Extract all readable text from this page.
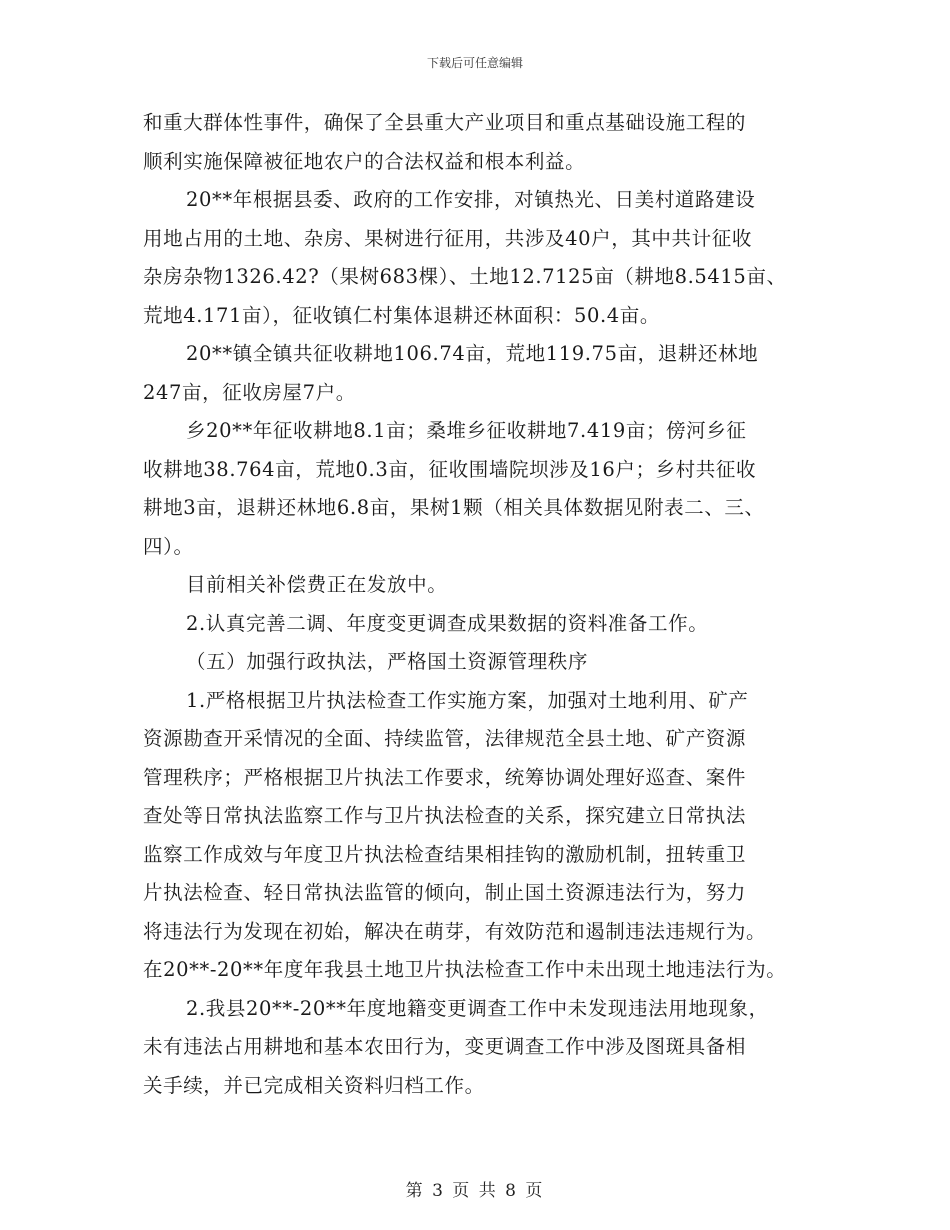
下载后可任意编辑
和重大群体性事件，确保了全县重大产业项目和重点基础设施工程的
顺利实施保障被征地农户的合法权益和根本利益。
20**年根据县委、政府的工作安排，对镇热光、日美村道路建设
用地占用的土地、杂房、果树进行征用，共涉及40户，其中共计征收
杂房杂物1326.42?（果树683棵）、土地12.7125亩（耕地8.5415亩、
荒地4.171亩），征收镇仁村集体退耕还林面积：50.4亩。
20**镇全镇共征收耕地106.74亩，荒地119.75亩，退耕还林地
247亩，征收房屋7户。
乡20**年征收耕地8.1亩；桑堆乡征收耕地7.419亩；傍河乡征
收耕地38.764亩，荒地0.3亩，征收围墙院坝涉及16户；乡村共征收
耕地3亩，退耕还林地6.8亩，果树1颗（相关具体数据见附表二、三、
四）。
目前相关补偿费正在发放中。
2.认真完善二调、年度变更调查成果数据的资料准备工作。
（五）加强行政执法，严格国土资源管理秩序
1.严格根据卫片执法检查工作实施方案，加强对土地利用、矿产
资源勘查开采情况的全面、持续监管，法律规范全县土地、矿产资源
管理秩序；严格根据卫片执法工作要求，统筹协调处理好巡查、案件
查处等日常执法监察工作与卫片执法检查的关系，探究建立日常执法
监察工作成效与年度卫片执法检查结果相挂钩的激励机制，扭转重卫
片执法检查、轻日常执法监管的倾向，制止国土资源违法行为，努力
将违法行为发现在初始，解决在萌芽，有效防范和遏制违法违规行为。
在20**-20**年度年我县土地卫片执法检查工作中未出现土地违法行为。
2.我县20**-20**年度地籍变更调查工作中未发现违法用地现象，
未有违法占用耕地和基本农田行为，变更调查工作中涉及图斑具备相
关手续，并已完成相关资料归档工作。
第 3 页 共 8 页
